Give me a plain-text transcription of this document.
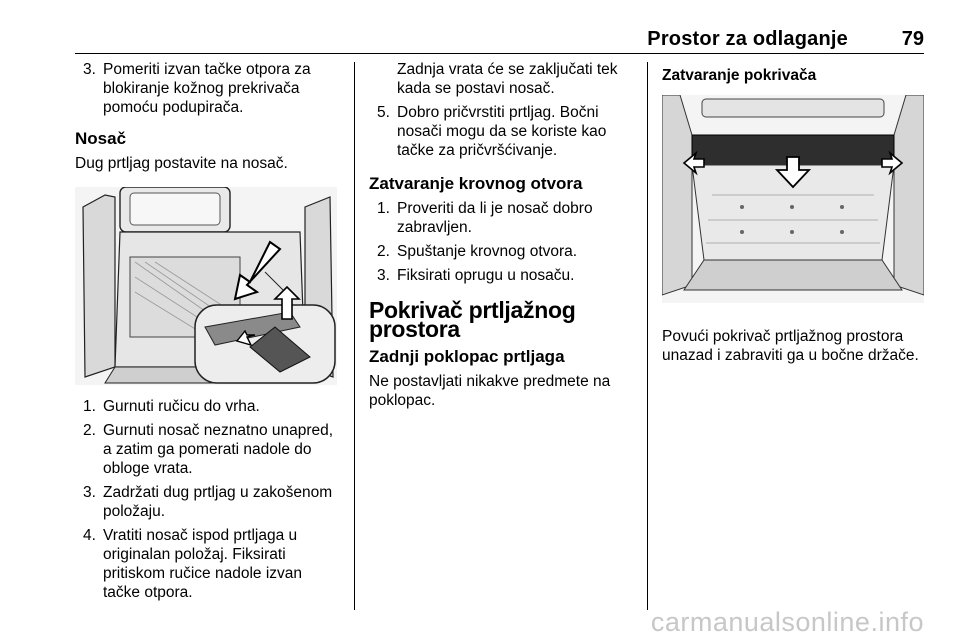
Prostor za odlaganje	79
3. Pomeriti izvan tačke otpora za blokiranje kožnog prekrivača pomoću podupirača.
Nosač

Dug prtljag postavite na nosač.

1. Gurnuti ručicu do vrha.
2. Gurnuti nosač neznatno unapred, a zatim ga pomerati nadole do obloge vrata.
3. Zadržati dug prtljag u zakošenom položaju.
4. Vratiti nosač ispod prtljaga u originalan položaj. Fiksirati pritiskom ručice nadole izvan tačke otpora.

Zadnja vrata će se zaključati tek kada se postavi nosač.

5. Dobro pričvrstiti prtljag. Bočni nosači mogu da se koriste kao tačke za pričvršćivanje.
Zatvaranje krovnog otvora
1. Proveriti da li je nosač dobro zabravljen.
2. Spuštanje krovnog otvora.
3. Fiksirati oprugu u nosaču.
Pokrivač prtljažnog prostora
Zadnji poklopac prtljaga

Ne postavljati nikakve predmete na poklopac.

Zatvaranje pokrivača

Povući pokrivač prtljažnog prostora unazad i zabraviti ga u bočne držače.

carmanualsonline.info
